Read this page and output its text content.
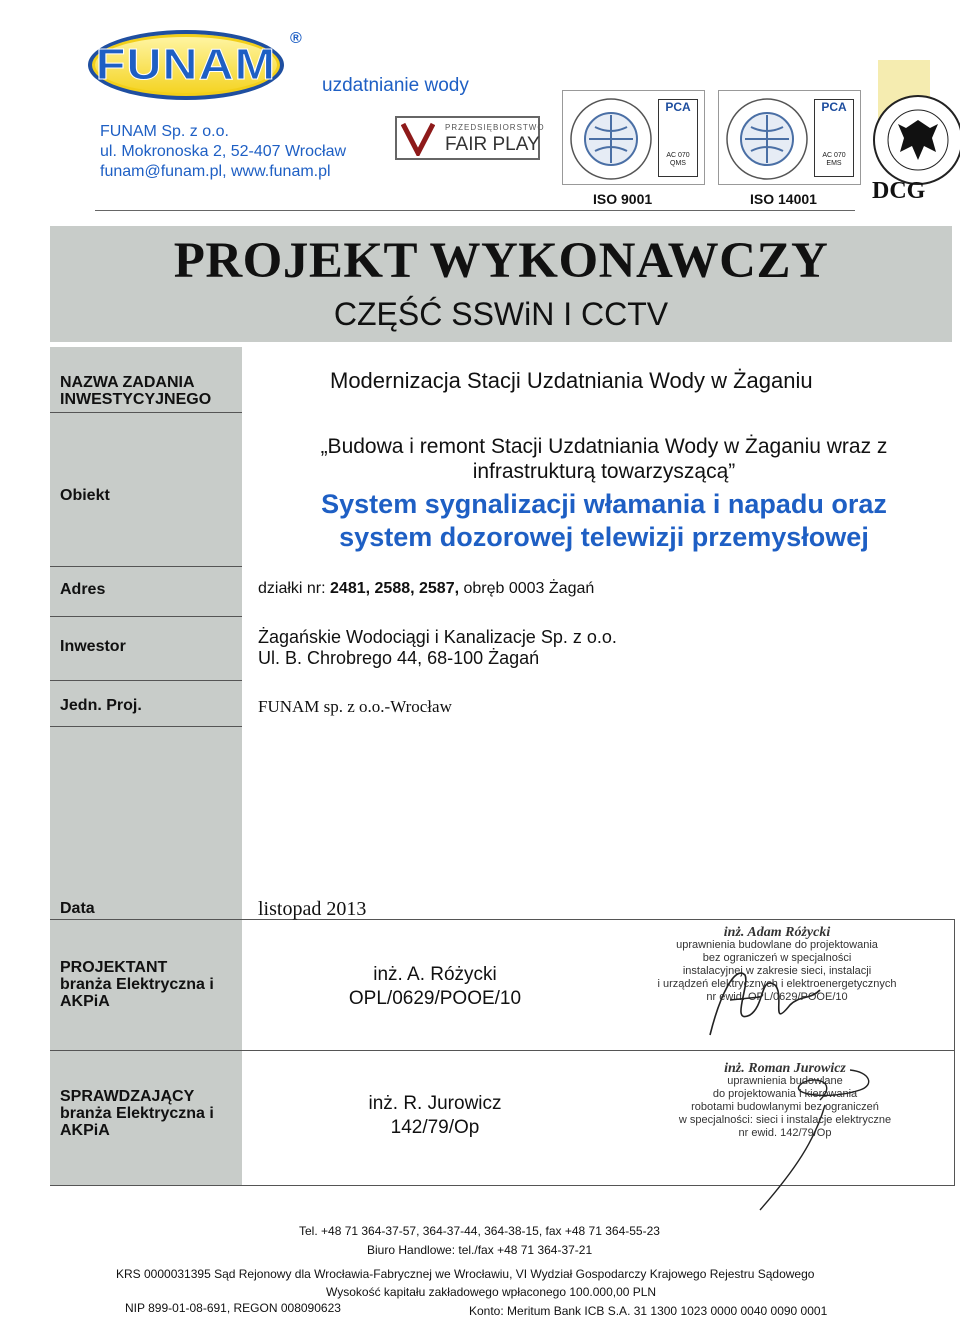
FUNAM
®
uzdatnianie wody
FUNAM Sp. z o.o.
ul. Mokronoska 2, 52-407 Wrocław
funam@funam.pl, www.funam.pl
PRZEDSIĘBIORSTWO
FAIR PLAY
PCA
AC 070 QMS
ISO 9001
PCA
AC 070 EMS
ISO 14001 DCG
PROJEKT WYKONAWCZY
CZĘŚĆ SSWiN I CCTV
NAZWA ZADANIA
INWESTYCYJNEGO
Obiekt
Adres
Inwestor
Jedn. Proj.
Data
PROJEKTANT
branża Elektryczna i
AKPiA
SPRAWDZAJĄCY
branża Elektryczna i
AKPiA
Modernizacja Stacji Uzdatniania Wody w Żaganiu
„Budowa i remont Stacji Uzdatniania Wody w Żaganiu wraz z
infrastrukturą towarzyszącą”
System sygnalizacji włamania i napadu oraz
system dozorowej telewizji przemysłowej
działki nr: 2481, 2588, 2587, obręb 0003 Żagań
Żagańskie Wodociągi i Kanalizacje Sp. z o.o.
Ul. B. Chrobrego 44, 68-100 Żagań
FUNAM sp. z o.o.-Wrocław
listopad 2013
inż. A. Różycki
OPL/0629/POOE/10
inż. R. Jurowicz
142/79/Op
inż. Adam Różycki
uprawnienia budowlane do projektowania
bez ograniczeń w specjalności
instalacyjnej w zakresie sieci, instalacji
i urządzeń elektrycznych i elektroenergetycznych
nr ewid. OPL/0629/POOE/10
inż. Roman Jurowicz
uprawnienia budowlane
do projektowania i kierowania
robotami budowlanymi bez ograniczeń
w specjalności: sieci i instalacje elektryczne
nr ewid. 142/79/Op
Tel. +48 71 364-37-57, 364-37-44, 364-38-15, fax +48 71 364-55-23
Biuro Handlowe: tel./fax +48 71 364-37-21
KRS 0000031395 Sąd Rejonowy dla Wrocławia-Fabrycznej we Wrocławiu, VI Wydział Gospodarczy Krajowego Rejestru Sądowego
Wysokość kapitału zakładowego wpłaconego 100.000,00 PLN
NIP 899-01-08-691, REGON 008090623	Konto: Meritum Bank ICB S.A. 31 1300 1023 0000 0040 0090 0001
